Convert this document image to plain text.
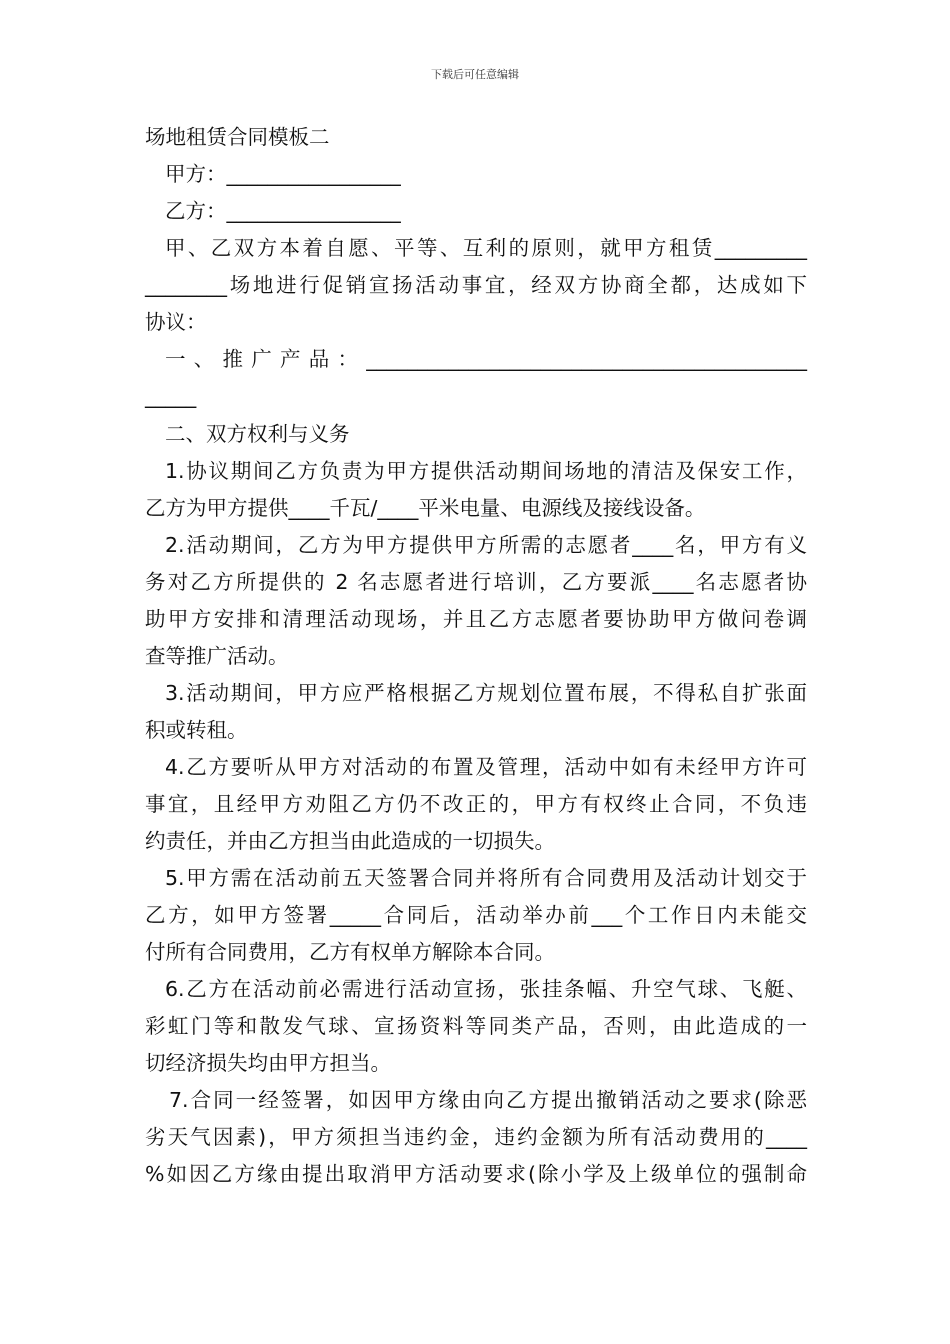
下载后可任意编辑
场地租赁合同模板二
甲方：_________________
乙方：_________________
甲、乙双方本着自愿、平等、互利的原则，就甲方租赁_________
________场地进行促销宣扬活动事宜，经双方协商全都，达成如下
协议：
一、推广产品：___________________________________________
_____
二、双方权利与义务
1.协议期间乙方负责为甲方提供活动期间场地的清洁及保安工作，
乙方为甲方提供____千瓦/____平米电量、电源线及接线设备。
2.活动期间，乙方为甲方提供甲方所需的志愿者____名，甲方有义
务对乙方所提供的 2 名志愿者进行培训，乙方要派____名志愿者协
助甲方安排和清理活动现场，并且乙方志愿者要协助甲方做问卷调
查等推广活动。
3.活动期间，甲方应严格根据乙方规划位置布展，不得私自扩张面
积或转租。
4.乙方要听从甲方对活动的布置及管理，活动中如有未经甲方许可
事宜，且经甲方劝阻乙方仍不改正的，甲方有权终止合同，不负违
约责任，并由乙方担当由此造成的一切损失。
5.甲方需在活动前五天签署合同并将所有合同费用及活动计划交于
乙方，如甲方签署_____合同后，活动举办前___个工作日内未能交
付所有合同费用，乙方有权单方解除本合同。
6.乙方在活动前必需进行活动宣扬，张挂条幅、升空气球、飞艇、
彩虹门等和散发气球、宣扬资料等同类产品，否则，由此造成的一
切经济损失均由甲方担当。
7.合同一经签署，如因甲方缘由向乙方提出撤销活动之要求(除恶
劣天气因素)，甲方须担当违约金，违约金额为所有活动费用的____
%如因乙方缘由提出取消甲方活动要求(除小学及上级单位的强制命
